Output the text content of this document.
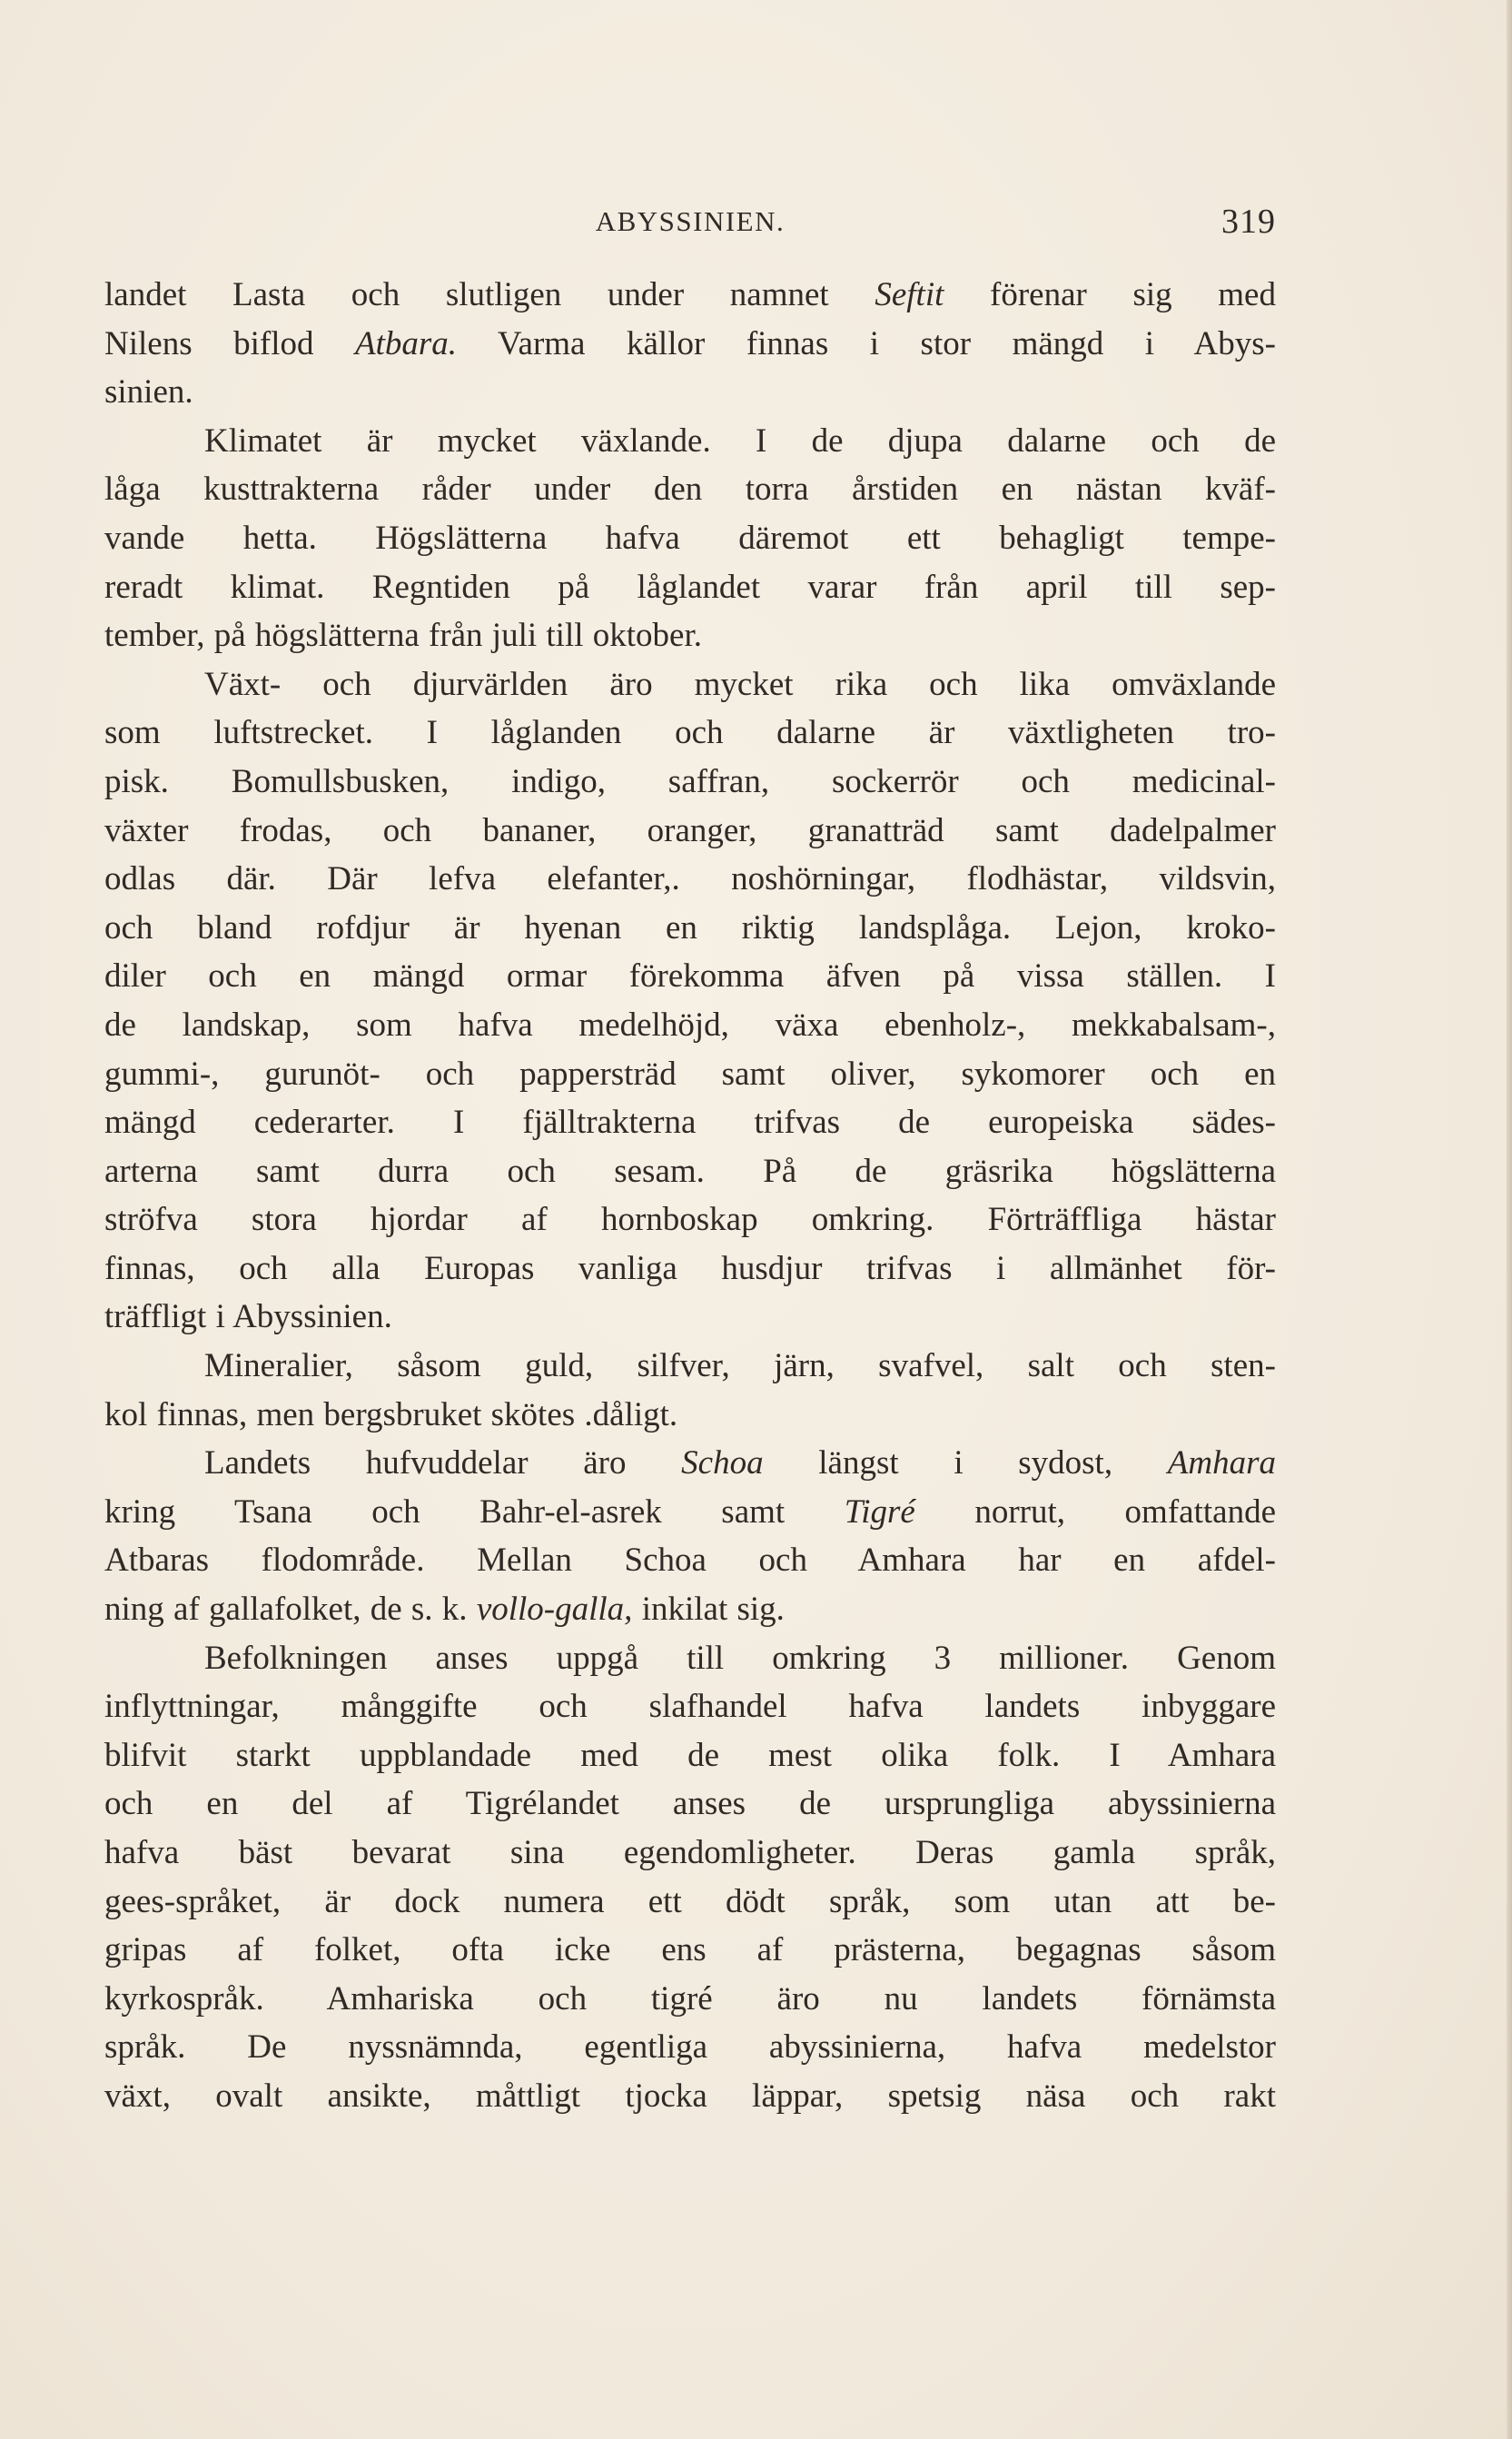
ABYSSINIEN.	319
landet Lasta och slutligen under namnet Seftit förenar sig med
Nilens biflod Atbara. Varma källor finnas i stor mängd i Abys-
sinien.
Klimatet är mycket växlande. I de djupa dalarne och de
låga kusttrakterna råder under den torra årstiden en nästan kväf-
vande hetta. Högslätterna hafva däremot ett behagligt tempe-
reradt klimat. Regntiden på låglandet varar från april till sep-
tember, på högslätterna från juli till oktober.
Växt- och djurvärlden äro mycket rika och lika omväxlande
som luftstrecket. I låglanden och dalarne är växtligheten tro-
pisk. Bomullsbusken, indigo, saffran, sockerrör och medicinal-
växter frodas, och bananer, oranger, granatträd samt dadelpalmer
odlas där. Där lefva elefanter,. noshörningar, flodhästar, vildsvin,
och bland rofdjur är hyenan en riktig landsplåga. Lejon, kroko-
diler och en mängd ormar förekomma äfven på vissa ställen. I
de landskap, som hafva medelhöjd, växa ebenholz-, mekkabalsam-,
gummi-, gurunöt- och pappersträd samt oliver, sykomorer och en
mängd cederarter. I fjälltrakterna trifvas de europeiska sädes-
arterna samt durra och sesam. På de gräsrika högslätterna
ströfva stora hjordar af hornboskap omkring. Förträffliga hästar
finnas, och alla Europas vanliga husdjur trifvas i allmänhet för-
träffligt i Abyssinien.
Mineralier, såsom guld, silfver, järn, svafvel, salt och sten-
kol finnas, men bergsbruket skötes .dåligt.
Landets hufvuddelar äro Schoa längst i sydost, Amhara
kring Tsana och Bahr-el-asrek samt Tigré norrut, omfattande
Atbaras flodområde. Mellan Schoa och Amhara har en afdel-
ning af gallafolket, de s. k. vollo-galla, inkilat sig.
Befolkningen anses uppgå till omkring 3 millioner. Genom
inflyttningar, månggifte och slafhandel hafva landets inbyggare
blifvit starkt uppblandade med de mest olika folk. I Amhara
och en del af Tigrélandet anses de ursprungliga abyssinierna
hafva bäst bevarat sina egendomligheter. Deras gamla språk,
gees-språket, är dock numera ett dödt språk, som utan att be-
gripas af folket, ofta icke ens af prästerna, begagnas såsom
kyrkospråk. Amhariska och tigré äro nu landets förnämsta
språk. De nyssnämnda, egentliga abyssinierna, hafva medelstor
växt, ovalt ansikte, måttligt tjocka läppar, spetsig näsa och rakt
